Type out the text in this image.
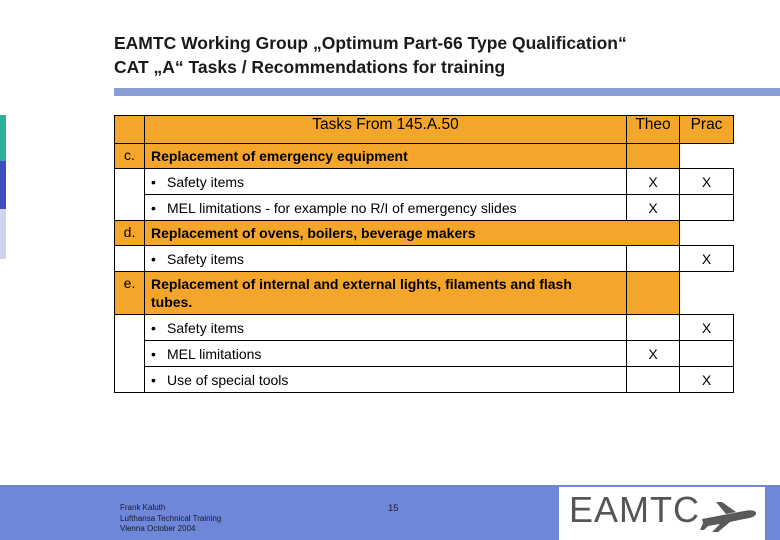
EAMTC Working Group „Optimum Part-66 Type Qualification“
CAT „A“ Tasks / Recommendations for training
	Tasks From 145.A.50	Theo	Prac
c.	Replacement of emergency equipment		
	• Safety items	X	X
	• MEL limitations - for example no R/I of emergency slides	X	
d.	Replacement of ovens, boilers, beverage makers		
	• Safety items		X
e.	Replacement of internal and external lights, filaments and flash tubes.		

	• Safety items		X
	• MEL limitations	X	
	• Use of special tools		X
Frank Kaluth
Lufthansa Technical Training
Vienna October 2004
15	EAMTC
